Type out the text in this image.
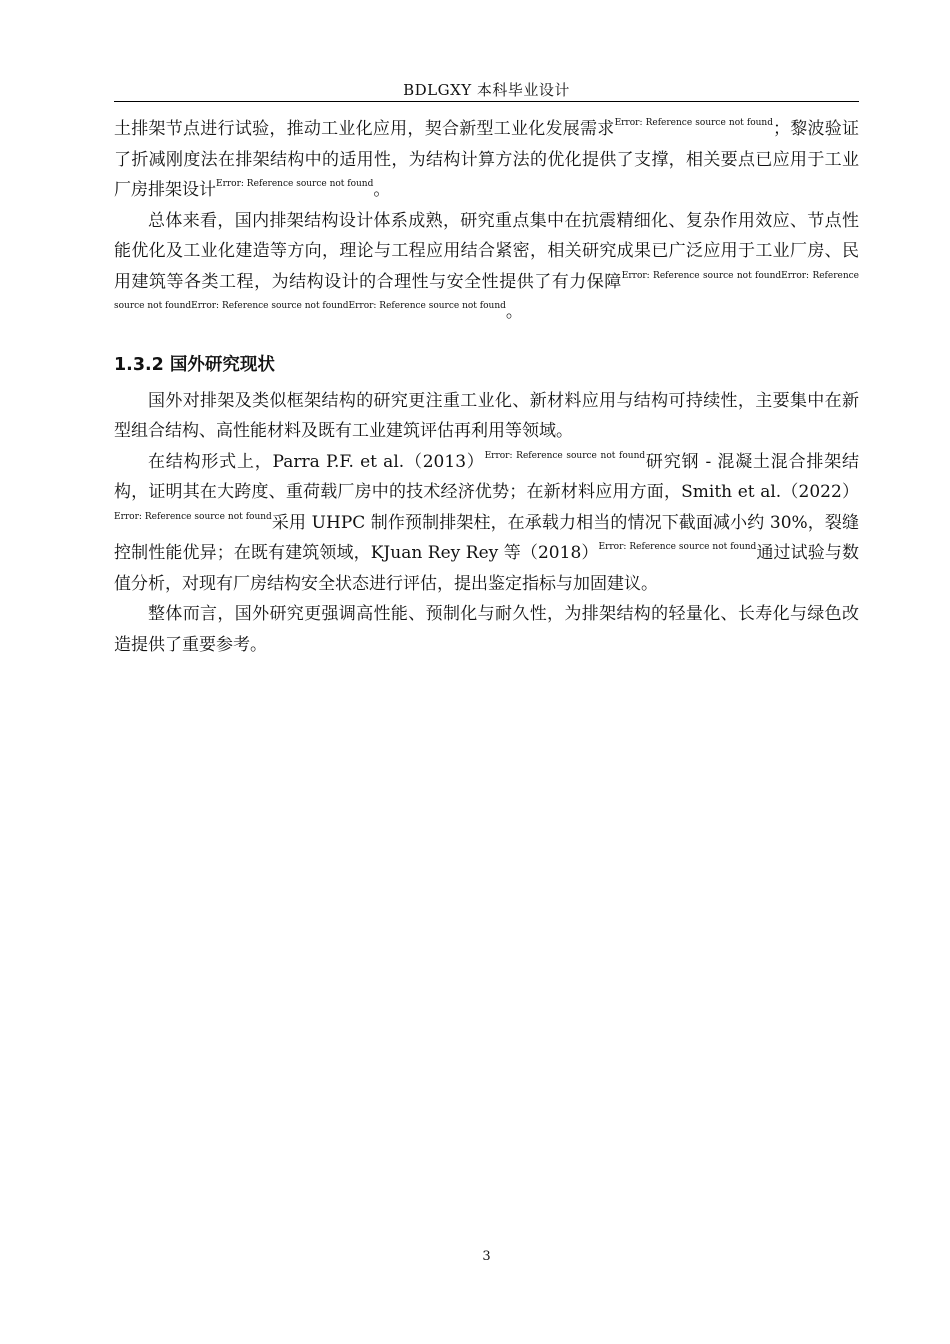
BDLGXY 本科毕业设计

土排架节点进行试验，推动工业化应用，契合新型工业化发展需求$^{Error: Reference source not found}$；黎波验证了折减刚度法在排架结构中的适用性，为结构计算方法的优化提供了支撑，相关要点已应用于工业厂房排架设计$^{Error: Reference source not found}$。

总体来看，国内排架结构设计体系成熟，研究重点集中在抗震精细化、复杂作用效应、节点性能优化及工业化建造等方向，理论与工程应用结合紧密，相关研究成果已广泛应用于工业厂房、民用建筑等各类工程，为结构设计的合理性与安全性提供了有力保障$^{Error: Reference source not foundError: Reference source not foundError: Reference source not foundError: Reference source not found}$。

1.3.2 国外研究现状

国外对排架及类似框架结构的研究更注重工业化、新材料应用与结构可持续性，主要集中在新型组合结构、高性能材料及既有工业建筑评估再利用等领域。

在结构形式上，Parra P.F. et al.（2013）$^{Error: Reference source not found}$研究钢 - 混凝土混合排架结构，证明其在大跨度、重荷载厂房中的技术经济优势；在新材料应用方面，Smith et al.（2022）$^{Error: Reference source not found}$采用 UHPC 制作预制排架柱，在承载力相当的情况下截面减小约 30%，裂缝控制性能优异；在既有建筑领域，KJuan Rey Rey 等（2018）$^{Error: Reference source not found}$通过试验与数值分析，对现有厂房结构安全状态进行评估，提出鉴定指标与加固建议。

整体而言，国外研究更强调高性能、预制化与耐久性，为排架结构的轻量化、长寿化与绿色改造提供了重要参考。

3
